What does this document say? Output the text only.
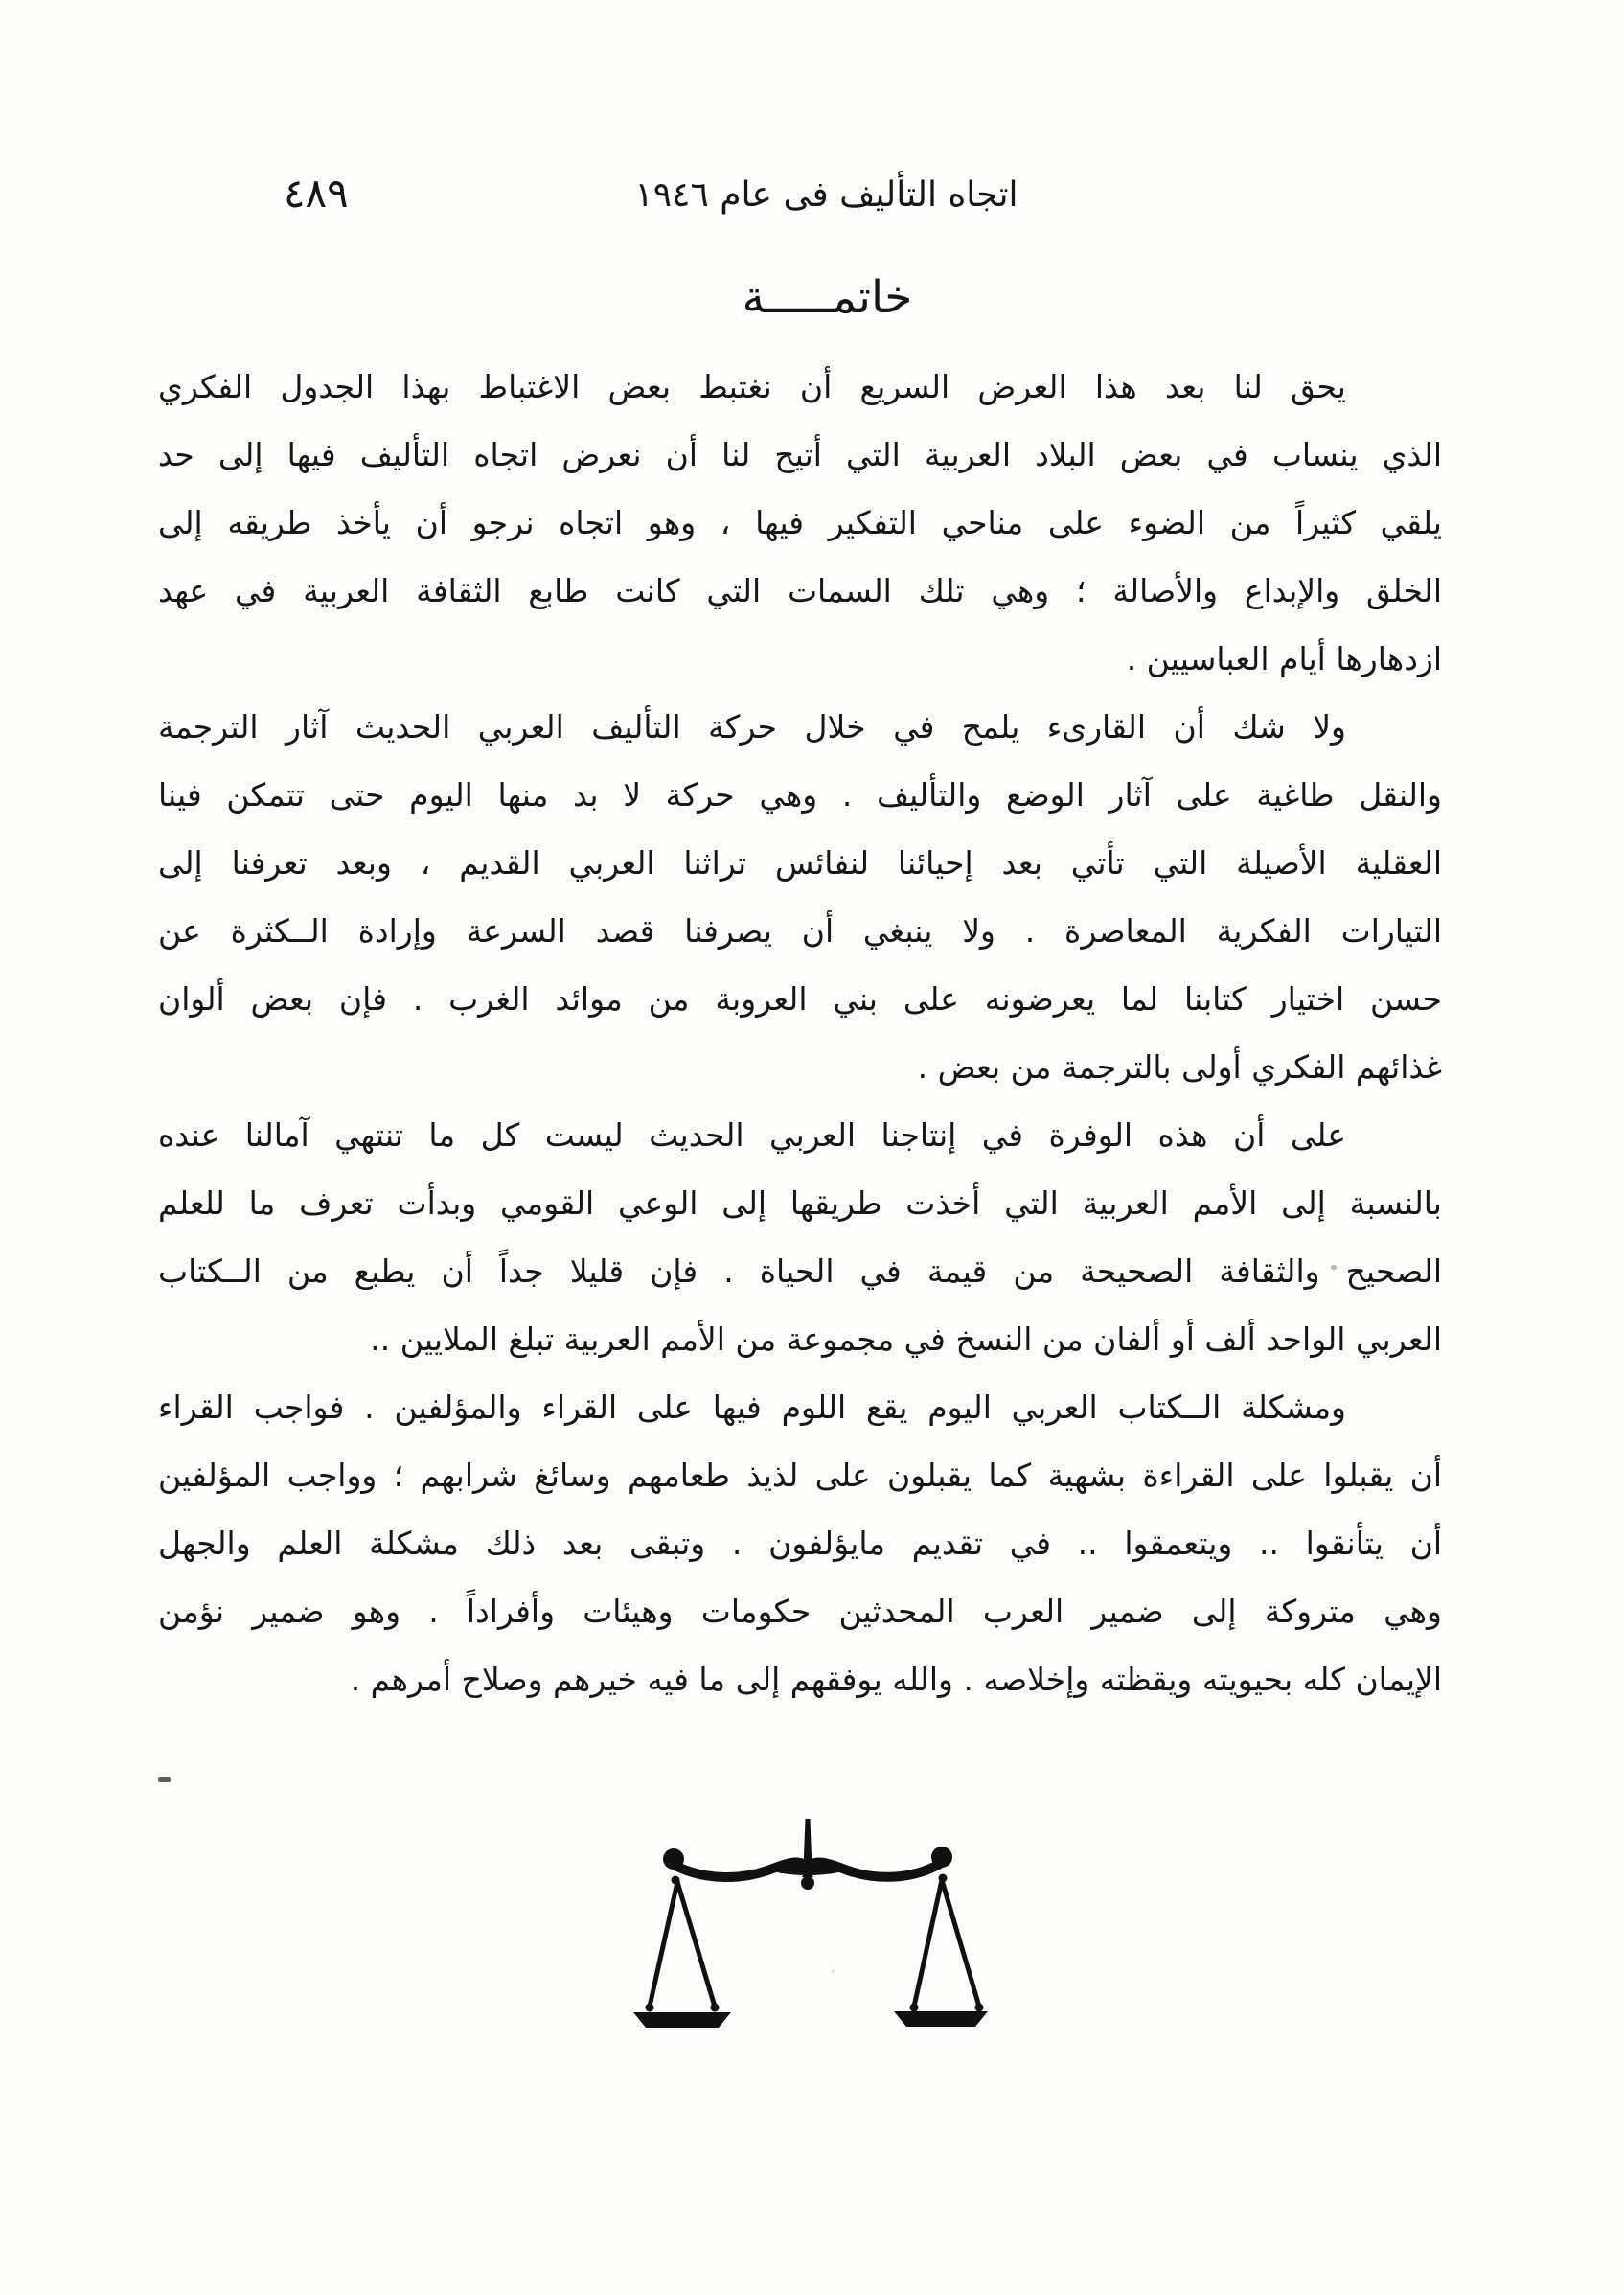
٤٨٩	اتجاه التأليف فى عام ١٩٤٦
خاتمـــــة
يحق لنا بعد هذا العرض السريع أن نغتبط بعض الاغتباط بهذا الجدول الفكري
الذي ينساب في بعض البلاد العربية التي أتيح لنا أن نعرض اتجاه التأليف فيها إلى حد
يلقي كثيراً من الضوء على مناحي التفكير فيها ، وهو اتجاه نرجو أن يأخذ طريقه إلى
الخلق والإبداع والأصالة ؛ وهي تلك السمات التي كانت طابع الثقافة العربية في عهد
ازدهارها أيام العباسيين .
ولا شك أن القارىء يلمح في خلال حركة التأليف العربي الحديث آثار الترجمة
والنقل طاغية على آثار الوضع والتأليف . وهي حركة لا بد منها اليوم حتى تتمكن فينا
العقلية الأصيلة التي تأتي بعد إحيائنا لنفائس تراثنا العربي القديم ، وبعد تعرفنا إلى
التيارات الفكرية المعاصرة . ولا ينبغي أن يصرفنا قصد السرعة وإرادة الــكثرة عن
حسن اختيار كتابنا لما يعرضونه على بني العروبة من موائد الغرب . فإن بعض ألوان
غذائهم الفكري أولى بالترجمة من بعض .
على أن هذه الوفرة في إنتاجنا العربي الحديث ليست كل ما تنتهي آمالنا عنده
بالنسبة إلى الأمم العربية التي أخذت طريقها إلى الوعي القومي وبدأت تعرف ما للعلم
الصحيح والثقافة الصحيحة من قيمة في الحياة . فإن قليلا جداً أن يطبع من الــكتاب
العربي الواحد ألف أو ألفان من النسخ في مجموعة من الأمم العربية تبلغ الملايين ..
ومشكلة الــكتاب العربي اليوم يقع اللوم فيها على القراء والمؤلفين . فواجب القراء
أن يقبلوا على القراءة بشهية كما يقبلون على لذيذ طعامهم وسائغ شرابهم ؛ وواجب المؤلفين
أن يتأنقوا .. ويتعمقوا .. في تقديم مايؤلفون . وتبقى بعد ذلك مشكلة العلم والجهل
وهي متروكة إلى ضمير العرب المحدثين حكومات وهيئات وأفراداً . وهو ضمير نؤمن
الإيمان كله بحيويته ويقظته وإخلاصه . والله يوفقهم إلى ما فيه خيرهم وصلاح أمرهم .
